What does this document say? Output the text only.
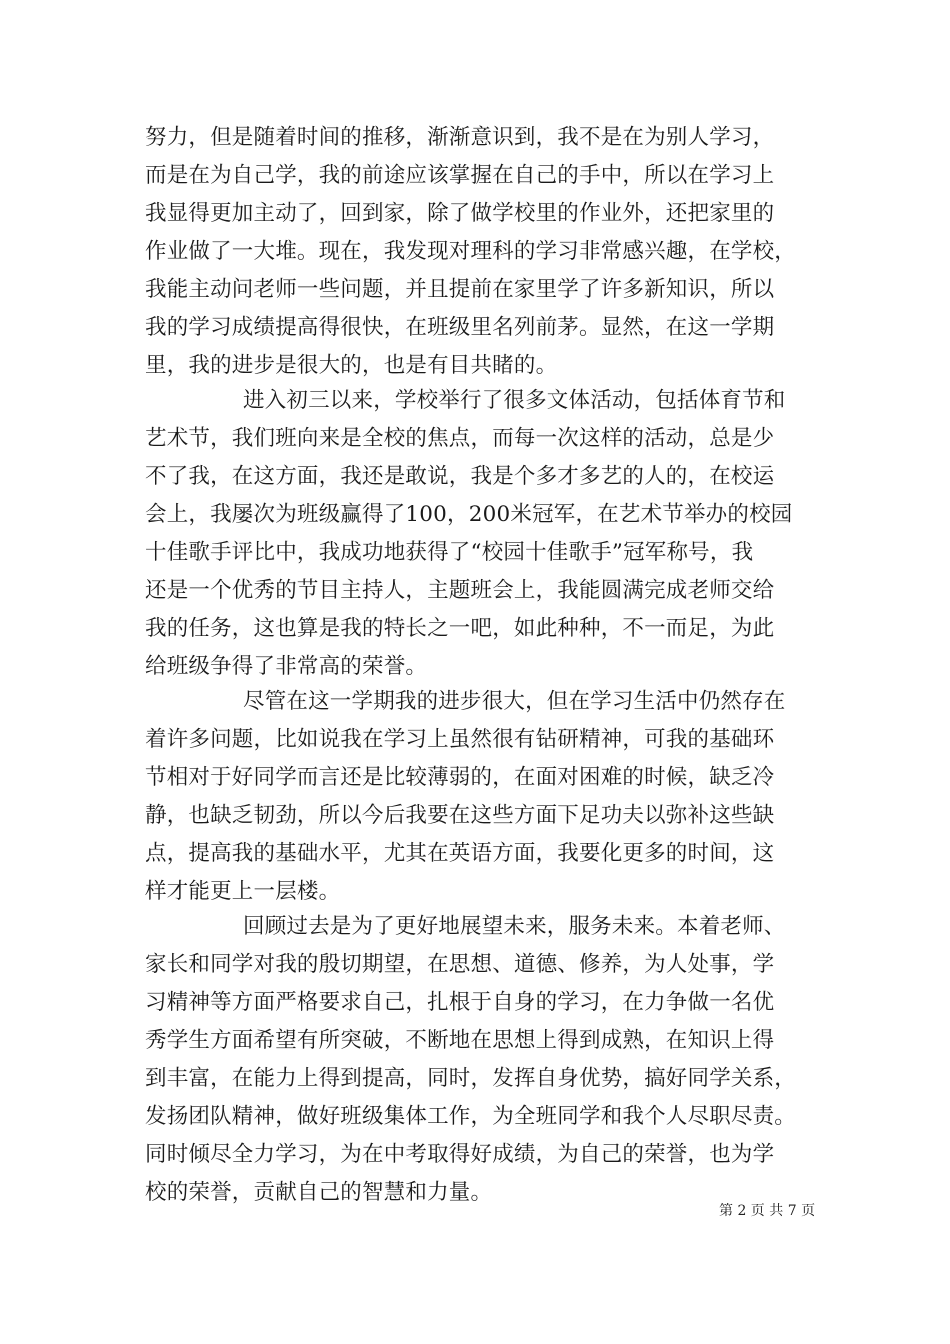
努力，但是随着时间的推移，渐渐意识到，我不是在为别人学习，

而是在为自己学，我的前途应该掌握在自己的手中，所以在学习上

我显得更加主动了，回到家，除了做学校里的作业外，还把家里的

作业做了一大堆。现在，我发现对理科的学习非常感兴趣，在学校，

我能主动问老师一些问题，并且提前在家里学了许多新知识，所以

我的学习成绩提高得很快，在班级里名列前茅。显然，在这一学期

里，我的进步是很大的，也是有目共睹的。

进入初三以来，学校举行了很多文体活动，包括体育节和

艺术节，我们班向来是全校的焦点，而每一次这样的活动，总是少

不了我，在这方面，我还是敢说，我是个多才多艺的人的，在校运

会上，我屡次为班级赢得了100，200米冠军，在艺术节举办的校园

十佳歌手评比中，我成功地获得了“校园十佳歌手”冠军称号，我

还是一个优秀的节目主持人，主题班会上，我能圆满完成老师交给

我的任务，这也算是我的特长之一吧，如此种种，不一而足，为此

给班级争得了非常高的荣誉。

尽管在这一学期我的进步很大，但在学习生活中仍然存在

着许多问题，比如说我在学习上虽然很有钻研精神，可我的基础环

节相对于好同学而言还是比较薄弱的，在面对困难的时候，缺乏冷

静，也缺乏韧劲，所以今后我要在这些方面下足功夫以弥补这些缺

点，提高我的基础水平，尤其在英语方面，我要化更多的时间，这

样才能更上一层楼。

回顾过去是为了更好地展望未来，服务未来。本着老师、

家长和同学对我的殷切期望，在思想、道德、修养，为人处事，学

习精神等方面严格要求自己，扎根于自身的学习，在力争做一名优

秀学生方面希望有所突破，不断地在思想上得到成熟，在知识上得

到丰富，在能力上得到提高，同时，发挥自身优势，搞好同学关系，

发扬团队精神，做好班级集体工作，为全班同学和我个人尽职尽责。

同时倾尽全力学习，为在中考取得好成绩，为自己的荣誉，也为学

校的荣誉，贡献自己的智慧和力量。

第 2 页 共 7 页
